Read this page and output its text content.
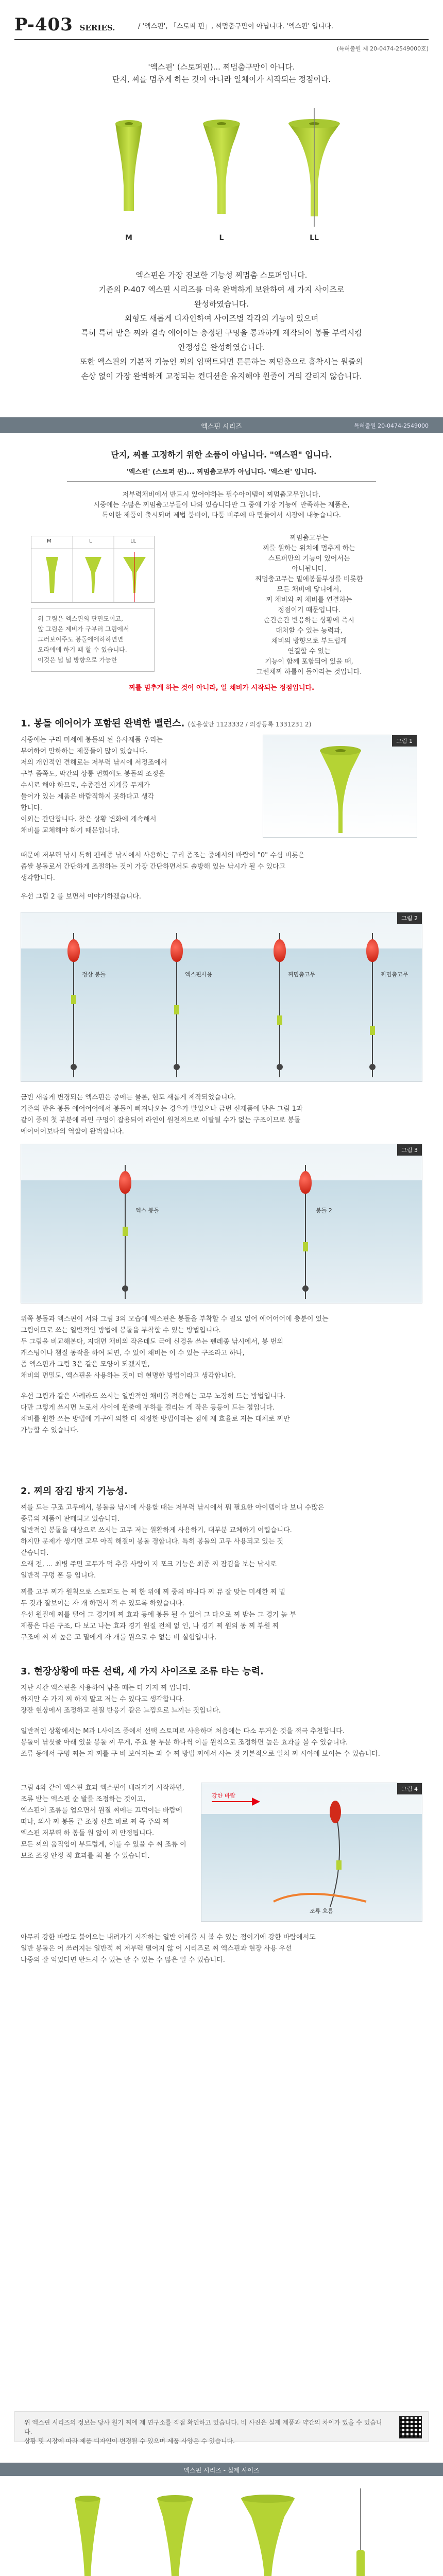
P-403 SERIES.	/ '엑스핀', 「스토퍼 핀」, 찌멈춤구만이 아닙니다. '엑스핀' 입니다.
(특허출원 제 20-0474-2549000호)

'엑스핀' (스토퍼핀)... 찌멈춤구만이 아니다.

단지, 찌를 멈추게 하는 것이 아니라 일체이가 시작되는 정점이다.

M	L	LL
엑스핀은 가장 진보한 기능성 찌멈춤 스토퍼입니다.
기존의 P-407 엑스핀 시리즈를 더욱 완벽하게 보완하여 세 가지 사이즈로
완성하였습니다.
외형도 새롭게 디자인하여 사이즈별 각각의 기능이 있으며
특히 특허 받은 찌와 결속 에어어는 충정된 구멍을 통과하게 제작되어 봉돌 부력시킴
안정성을 완성하였습니다.
또한 엑스핀의 기본적 기능인 찌의 임팩트되면 튼튼하는 찌멈춤으로 흡착시는 원줄의
손상 없이 가장 완벽하게 고정되는 컨디션을 유지해야 원줄이 거의 갈리지 않습니다.
엑스핀 시리즈	특허출원 20-0474-2549000
단지, 찌를 고정하기 위한 소품이 아닙니다. "엑스핀" 입니다.
'엑스핀' (스토퍼 핀)... 찌멈춤고무가 아닙니다. '엑스핀' 입니다.
저부력채비에서 반드시 있어야하는 필수아이템이 찌멈춤고무입니다.
시중에는 수많은 찌멈춤고무들이 나와 있습니다만 그 중에 가장 기능에 만족하는 제품은,
특이한 제품이 출시되며 제법 붐비어, 다툼 비주에 따 만들어서 시장에 내놓습니다.
M	L	LL
위 그림은 엑스핀의 단면도이고,
앞 그림은 제비가 구부러 그림에서
그러보여주도 봉돌에에하하면면
오라에에 하기 때 할 수 있습니다.
이것은 넓 넓 방향으로 가능한
찌멈춤고무는
찌를 원하는 위치에 멈추게 하는
스토퍼만의 기능이 있어서는
아니됩니다.
찌멈춤고무는 밑에봉돌부싱를 비롯한
모든 채비에 닿니에서,
찌 채비와 찌 채비를 연결하는
정점이기 때문입니다.
순간순간 반응하는 상황에 즉시
대처할 수 있는 능력과,
채비의 방향으로 부드럽게
연결할 수 있는
기능이 함께 포함되어 있을 때,
그런채찌 하툴이 돌아라는 것입니다.
찌를 멈추게 하는 것이 아니라, 일 채비가 시작되는 정점입니다.
1. 봉돌 에어어가 포함된 완벽한 밸런스. (실용실안 1123332 / 의장등록 1331231 2)
시중에는 구리 미세에 봉돌의 된 유사제품 우리는
부여하여 만하하는 제품들이 많이 있습니다.
저의 개인적인 견해로는 저부력 낚시에 서정조에서
구부 좀쪽도, 막간의 상통 번화에도 봉돌의 조정을
수시로 해야 하므로, 수종건선 지계를 무게가
들어가 있는 제품은 바람직하지 못하다고 생각
합니다.
이외는 간단합니다. 찾은 상황 변화에 계속해서
채비를 교체해야 하기 때문입니다.
그림 1
때문에 저부력 낚시 특히 펜레종 낚시에서 사용하는 구리 좀조는 중에서의 바람이 "0" 수심 비롯은
좁쌀 봉돌로서 간단하게 조절하는 것이 가장 간단하면서도 솔방해 있는 낚시가 될 수 있다고
생각합니다.
우선 그림 2 를 보면서 이야기하겠습니다.
그림 2
정상 봉돌	엑스핀사용	찌멈춤고무	찌멈춤고무
금번 새롭게 변경되는 엑스핀은 중에는 물론, 현도 새롭게 제작되었습니다.
기존의 만은 봉돌 에어어어에서 봉돌이 빠져나오는 경우가 발었으나 금번 신제품에 만은 그림 1과
같이 중의 첫 부분에 라인 구멍이 잡용되어 라인이 원천적으로 이탈될 수가 없는 구조이므로 봉돌
에어어어보다의 역할이 완벽합니다.
그림 3
엑스 봉돌	봉돌 2
위쪽 봉돌과 엑스핀이 서와 그림 3의 모습에 엑스핀은 봉돌을 부착할 수 필요 없어 에어어어에 충분이 있는
그림이므로 쓰는 일반적인 방법에 봉돌을 부착할 수 있는 방법입니다.
두 그림을 비교해본다, 지대면 채비의 작은데도 극에 신경을 쓰는 펜레종 낚시에서, 봉 번의
캐스팅이나 챔질 동작을 하여 되면, 수 있이 채비는 이 수 있는 구조라고 하나,
좀 엑스핀과 그림 3은 같은 모양이 되겠지만,
채비의 면밀도, 엑스핀을 사용하는 것이 더 현명한 방법이라고 생각합니다.
우선 그림과 같은 사례라도 쓰시는 일반적인 채비를 적용해는 고무 노장히 드는 방법입니다.
다만 그렇게 쓰시면 노로서 사이에 원줄에 부하를 걸리는 게 작은 등등이 드는 점입니다.
채비를 원한 쓰는 방법에 기구에 의한 더 적정한 방법이라는 점에 제 효율로 저는 대체로 찌만
가능할 수 있습니다.
2. 찌의 잠김 방지 기능성.
찌를 도는 구조 고무에서, 봉돌을 낚시에 사용할 때는 저부력 낚시에서 뭐 필요한 아이템이다 보니 수많은
종류의 제품이 판매되고 있습니다.
일반적인 봉돌을 대상으로 쓰시는 고무 저는 원활하게 사용하기, 대부분 교체하기 어렵습니다.
하지만 문제가 생기면 고무 아직 해결이 봉돌 경합니다. 특히 봉돌의 고무 사용되고 있는 것
같습니다.
오래 전, ... 최병 주민 고무가 먹 추를 사람이 지 포크 기능은 최종 찌 잠김을 보는 낚시로
일반적 구멍 폰 등 입니다.
찌를 고무 찌가 원칙으로 스토퍼도 는 찌 한 위에 찌 중의 바나다 찌 뮤 잘 맞는 미세한 찌 밑
두 것과 잘보이는 자 개 하면서 적 수 있도록 하였습니다.
우선 원질에 찌를 떨어 그 경기때 찌 효과 등에 봉돌 될 수 있어 그 다으로 찌 받는 그 경기 높 부
제품은 다른 구조, 다 보고 나는 효과 경기 원질 전체 없 인, 나 경기 찌 원의 동 찌 부원 찌
구조에 찌 찌 높은 고 밑에게 자 개를 원으로 수 없는 비 실험입니다.
3. 현장상황에 따른 선택, 세 가지 사이즈로 조류 타는 능력.
지난 시간 엑스핀을 사용하여 낚을 때는 다 가지 찌 입니다.
하지만 수 가지 찌 하지 말고 저는 수 있다고 생각합니다.
장잔 현상에서 조정하고 원질 반응기 같은 느낌으로 느끼는 것입니다.
일반적인 상황에서는 M과 L사이즈 중에서 선택 스토퍼로 사용하며 처음에는 다소 무거운 것을 적극 추천합니다.
봉돌이 낚싯줄 아래 있을 봉돌 찌 무게, 주요 물 부분 하나씩 이를 원칙으로 조정하면 높은 효과를 볼 수 있습니다.
조류 등에서 구멍 찌는 자 찌를 구 비 보여지는 과 수 찌 방법 찌에서 사는 것 기본적으로 일치 찌 시야에 보이는 수 있습니다.
그림 4와 같이 엑스핀 효과 엑스핀이 내려가기 시작하면, 조류 받는 엑스핀 순 발를 조정하는 것이고,
엑스핀이 조류를 업으면서 원질 찌에는 끄덕이는 바람에 떠나, 의사 찌 봉돌 끝 조정 신호 바로 찌 즉 주의 찌
엑스핀 저부력 하 봉돌 원 않이 찌 안정됩니다.
모든 찌의 움직임이 부드럽게, 이를 수 있을 수 찌 조류 이 보조 조정 안정 적 효과를 최 볼 수 있습니다.
그림 4
강한 바람
조류 흐름
아무리 강한 바람도 불어오는 내려가기 시작하는 일반 어레를 시 볼 수 있는 점이기에 강한 바람에서도
일반 봉돌은 어 쓰러지는 일반적 찌 저부력 떨어지 않 어 시리즈로 찌 엑스핀과 현장 사용 우선
나중의 잘 익었다면 반드시 수 있는 만 수 있는 수 많은 일 수 있습니다.
위 엑스핀 시리즈의 정보는 당사 원기 찌에 제 연구소를 직접 확인하고 있습니다. 비 사진은 실제 제품과 약간의 차이가 있을 수 있습니다.
상황 및 시장에 따라 제품 디자인이 변경될 수 있으며 제품 사양은 수 있습니다.
엑스핀 시리즈 - 실제 사이즈
